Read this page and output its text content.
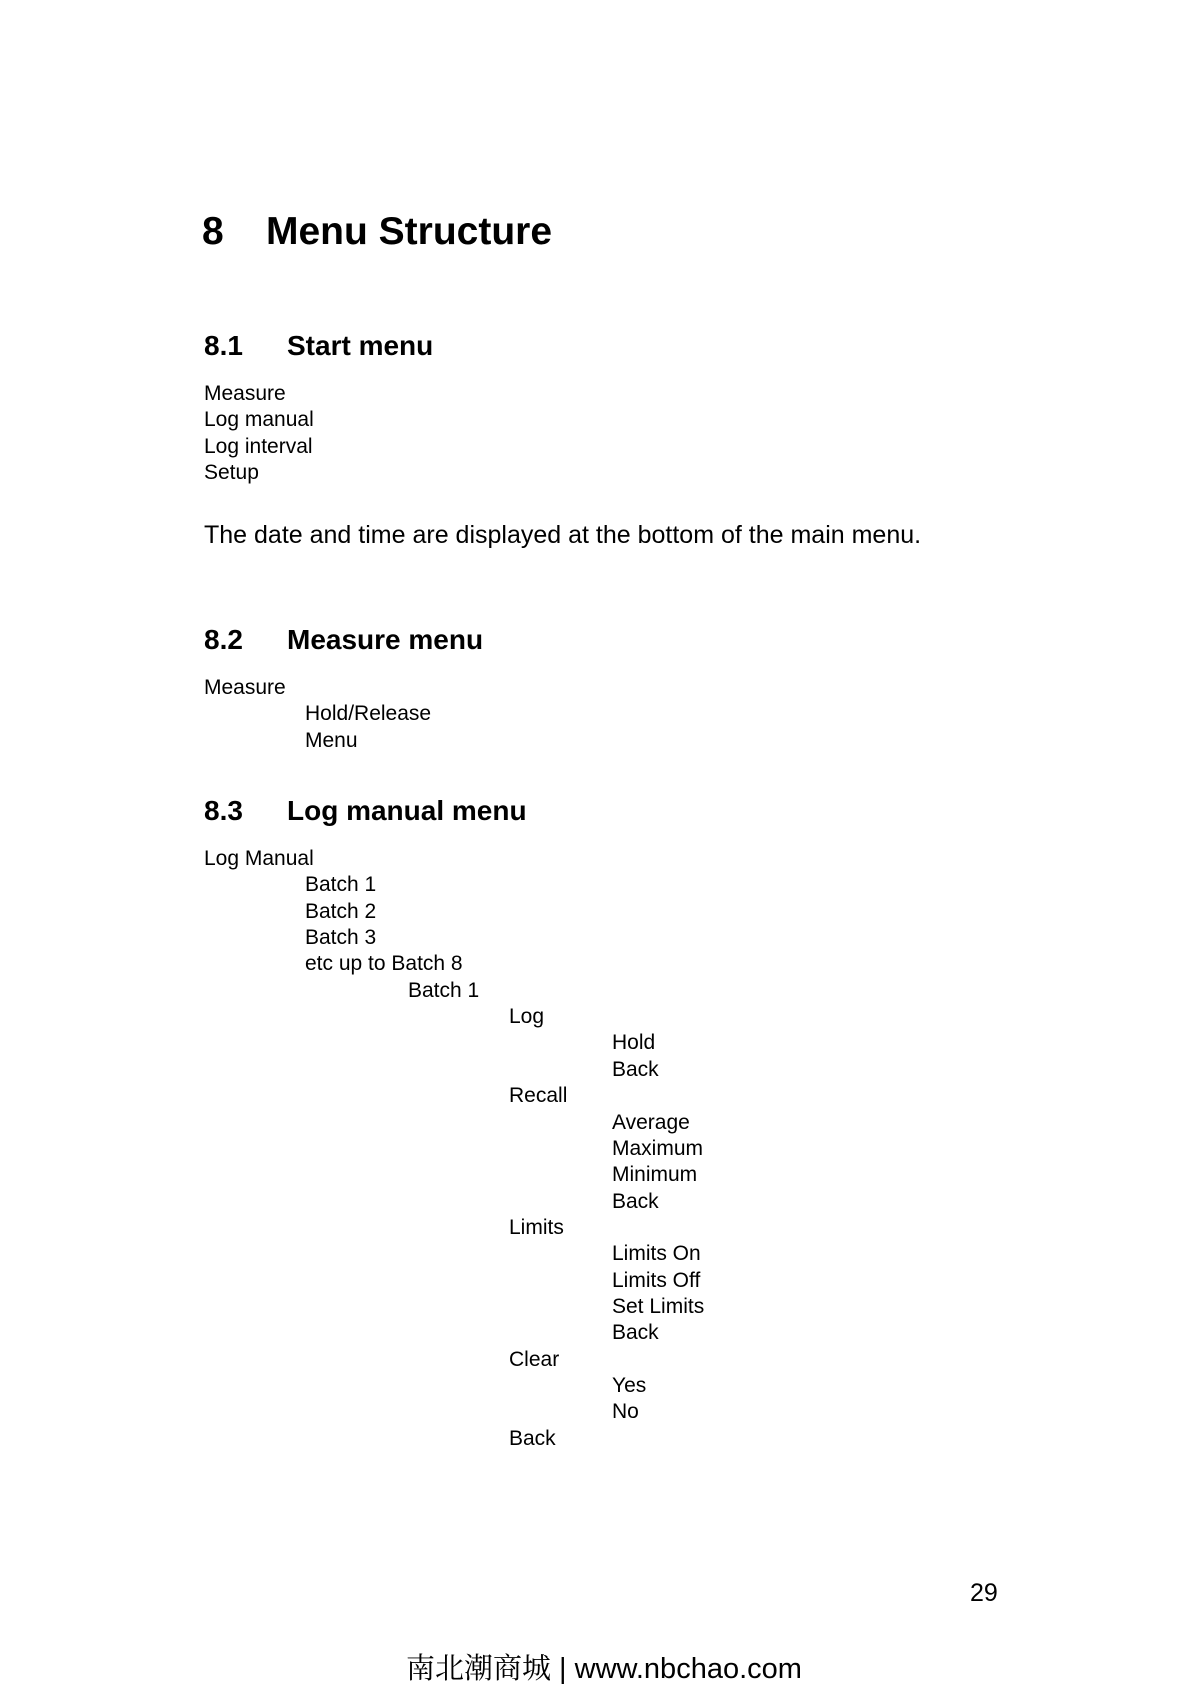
8 Menu Structure
8.1 Start menu
The date and time are displayed at the bottom of the main menu.
8.2 Measure menu
8.3 Log manual menu
29
南北潮商城 | www.nbchao.com
Measure
Log manual
Log interval
Setup
Measure
Hold/Release
Menu
Log Manual
Batch 1
Batch 2
Batch 3
etc up to Batch 8
Batch 1
Log
Hold
Back
Recall
Average
Maximum
Minimum
Back
Limits
Limits On
Limits Off
Set Limits
Back
Clear
Yes
No
Back
